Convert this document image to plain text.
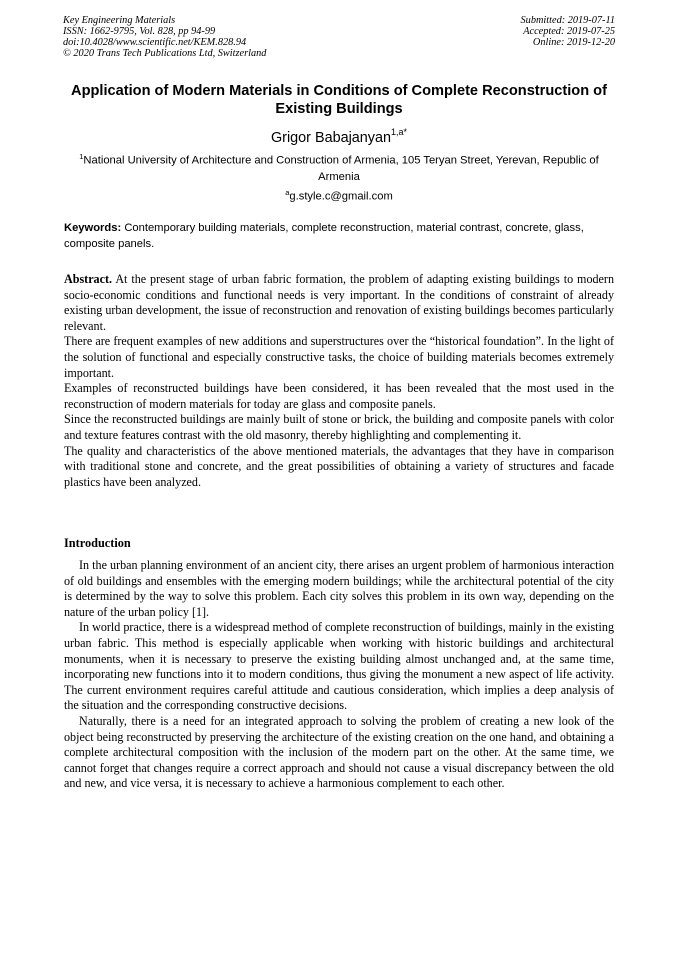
Key Engineering Materials
ISSN: 1662-9795, Vol. 828, pp 94-99
doi:10.4028/www.scientific.net/KEM.828.94
© 2020 Trans Tech Publications Ltd, Switzerland
Submitted: 2019-07-11
Accepted: 2019-07-25
Online: 2019-12-20
Application of Modern Materials in Conditions of Complete Reconstruction of Existing Buildings
Grigor Babajanyan$^{1,a*}$
$^1$National University of Architecture and Construction of Armenia, 105 Teryan Street, Yerevan, Republic of Armenia
$^a$g.style.c@gmail.com
Keywords: Contemporary building materials, complete reconstruction, material contrast, concrete, glass, composite panels.

Abstract. At the present stage of urban fabric formation, the problem of adapting existing buildings to modern socio-economic conditions and functional needs is very important. In the conditions of constraint of already existing urban development, the issue of reconstruction and renovation of existing buildings becomes particularly relevant.

There are frequent examples of new additions and superstructures over the “historical foundation”. In the light of the solution of functional and especially constructive tasks, the choice of building materials becomes extremely important.

Examples of reconstructed buildings have been considered, it has been revealed that the most used in the reconstruction of modern materials for today are glass and composite panels.

Since the reconstructed buildings are mainly built of stone or brick, the building and composite panels with color and texture features contrast with the old masonry, thereby highlighting and complementing it.

The quality and characteristics of the above mentioned materials, the advantages that they have in comparison with traditional stone and concrete, and the great possibilities of obtaining a variety of structures and facade plastics have been analyzed.

Introduction

In the urban planning environment of an ancient city, there arises an urgent problem of harmonious interaction of old buildings and ensembles with the emerging modern buildings; while the architectural potential of the city is determined by the way to solve this problem. Each city solves this problem in its own way, depending on the nature of the urban policy [1].

In world practice, there is a widespread method of complete reconstruction of buildings, mainly in the existing urban fabric. This method is especially applicable when working with historic buildings and architectural monuments, when it is necessary to preserve the existing building almost unchanged and, at the same time, incorporating new functions into it to modern conditions, thus giving the monument a new aspect of life activity. The current environment requires careful attitude and cautious consideration, which implies a deep analysis of the situation and the corresponding constructive decisions.

Naturally, there is a need for an integrated approach to solving the problem of creating a new look of the object being reconstructed by preserving the architecture of the existing creation on the one hand, and obtaining a complete architectural composition with the inclusion of the modern part on the other. At the same time, we cannot forget that changes require a correct approach and should not cause a visual discrepancy between the old and new, and vice versa, it is necessary to achieve a harmonious complement to each other.
